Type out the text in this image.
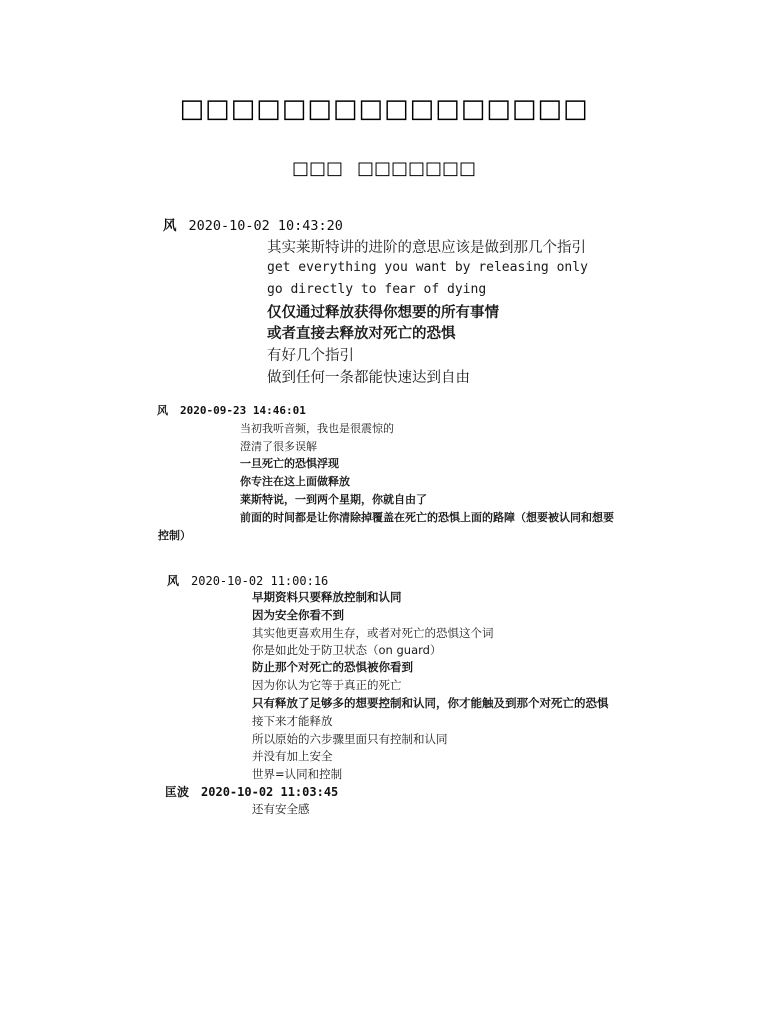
□□□□□□□□□□□□□□□□
□□□ □□□□□□□
风 2020-10-02 10:43:20
其实莱斯特讲的进阶的意思应该是做到那几个指引
get everything you want by releasing only
go directly to fear of dying
仅仅通过释放获得你想要的所有事情
或者直接去释放对死亡的恐惧
有好几个指引
做到任何一条都能快速达到自由
风 2020-09-23 14:46:01
当初我听音频，我也是很震惊的
澄清了很多误解
一旦死亡的恐惧浮现
你专注在这上面做释放
莱斯特说，一到两个星期，你就自由了
前面的时间都是让你清除掉覆盖在死亡的恐惧上面的路障（想要被认同和想要
控制）
风 2020-10-02 11:00:16
早期资料只要释放控制和认同
因为安全你看不到
其实他更喜欢用生存，或者对死亡的恐惧这个词
你是如此处于防卫状态（on guard）
防止那个对死亡的恐惧被你看到
因为你认为它等于真正的死亡
只有释放了足够多的想要控制和认同，你才能触及到那个对死亡的恐惧
接下来才能释放
所以原始的六步骤里面只有控制和认同
并没有加上安全
世界=认同和控制
匡波 2020-10-02 11:03:45
还有安全感
